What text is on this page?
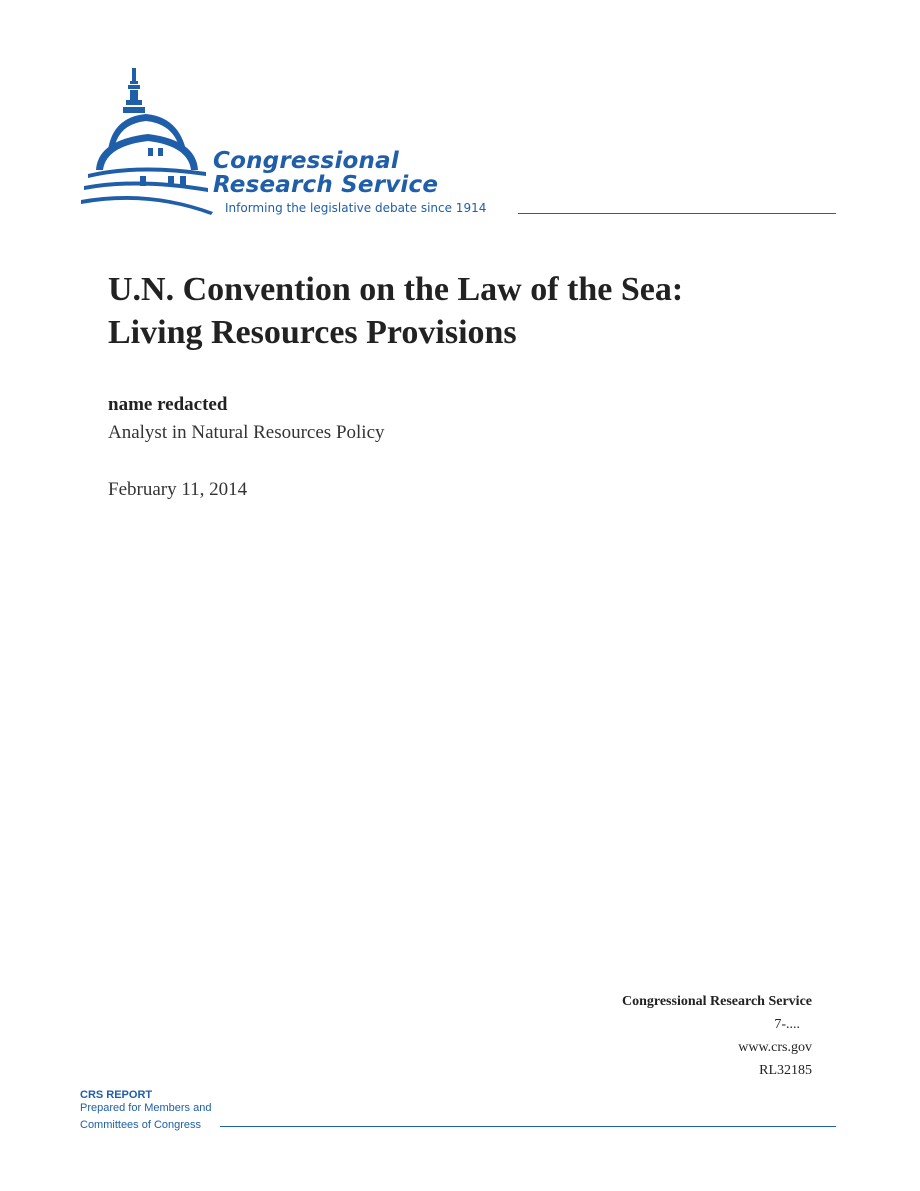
Congressional
Research Service
Informing the legislative debate since 1914
U.N. Convention on the Law of the Sea:
Living Resources Provisions
name redacted
Analyst in Natural Resources Policy
February 11, 2014
Congressional Research Service
7-....
www.crs.gov
RL32185
CRS REPORT
Prepared for Members and
Committees of Congress
